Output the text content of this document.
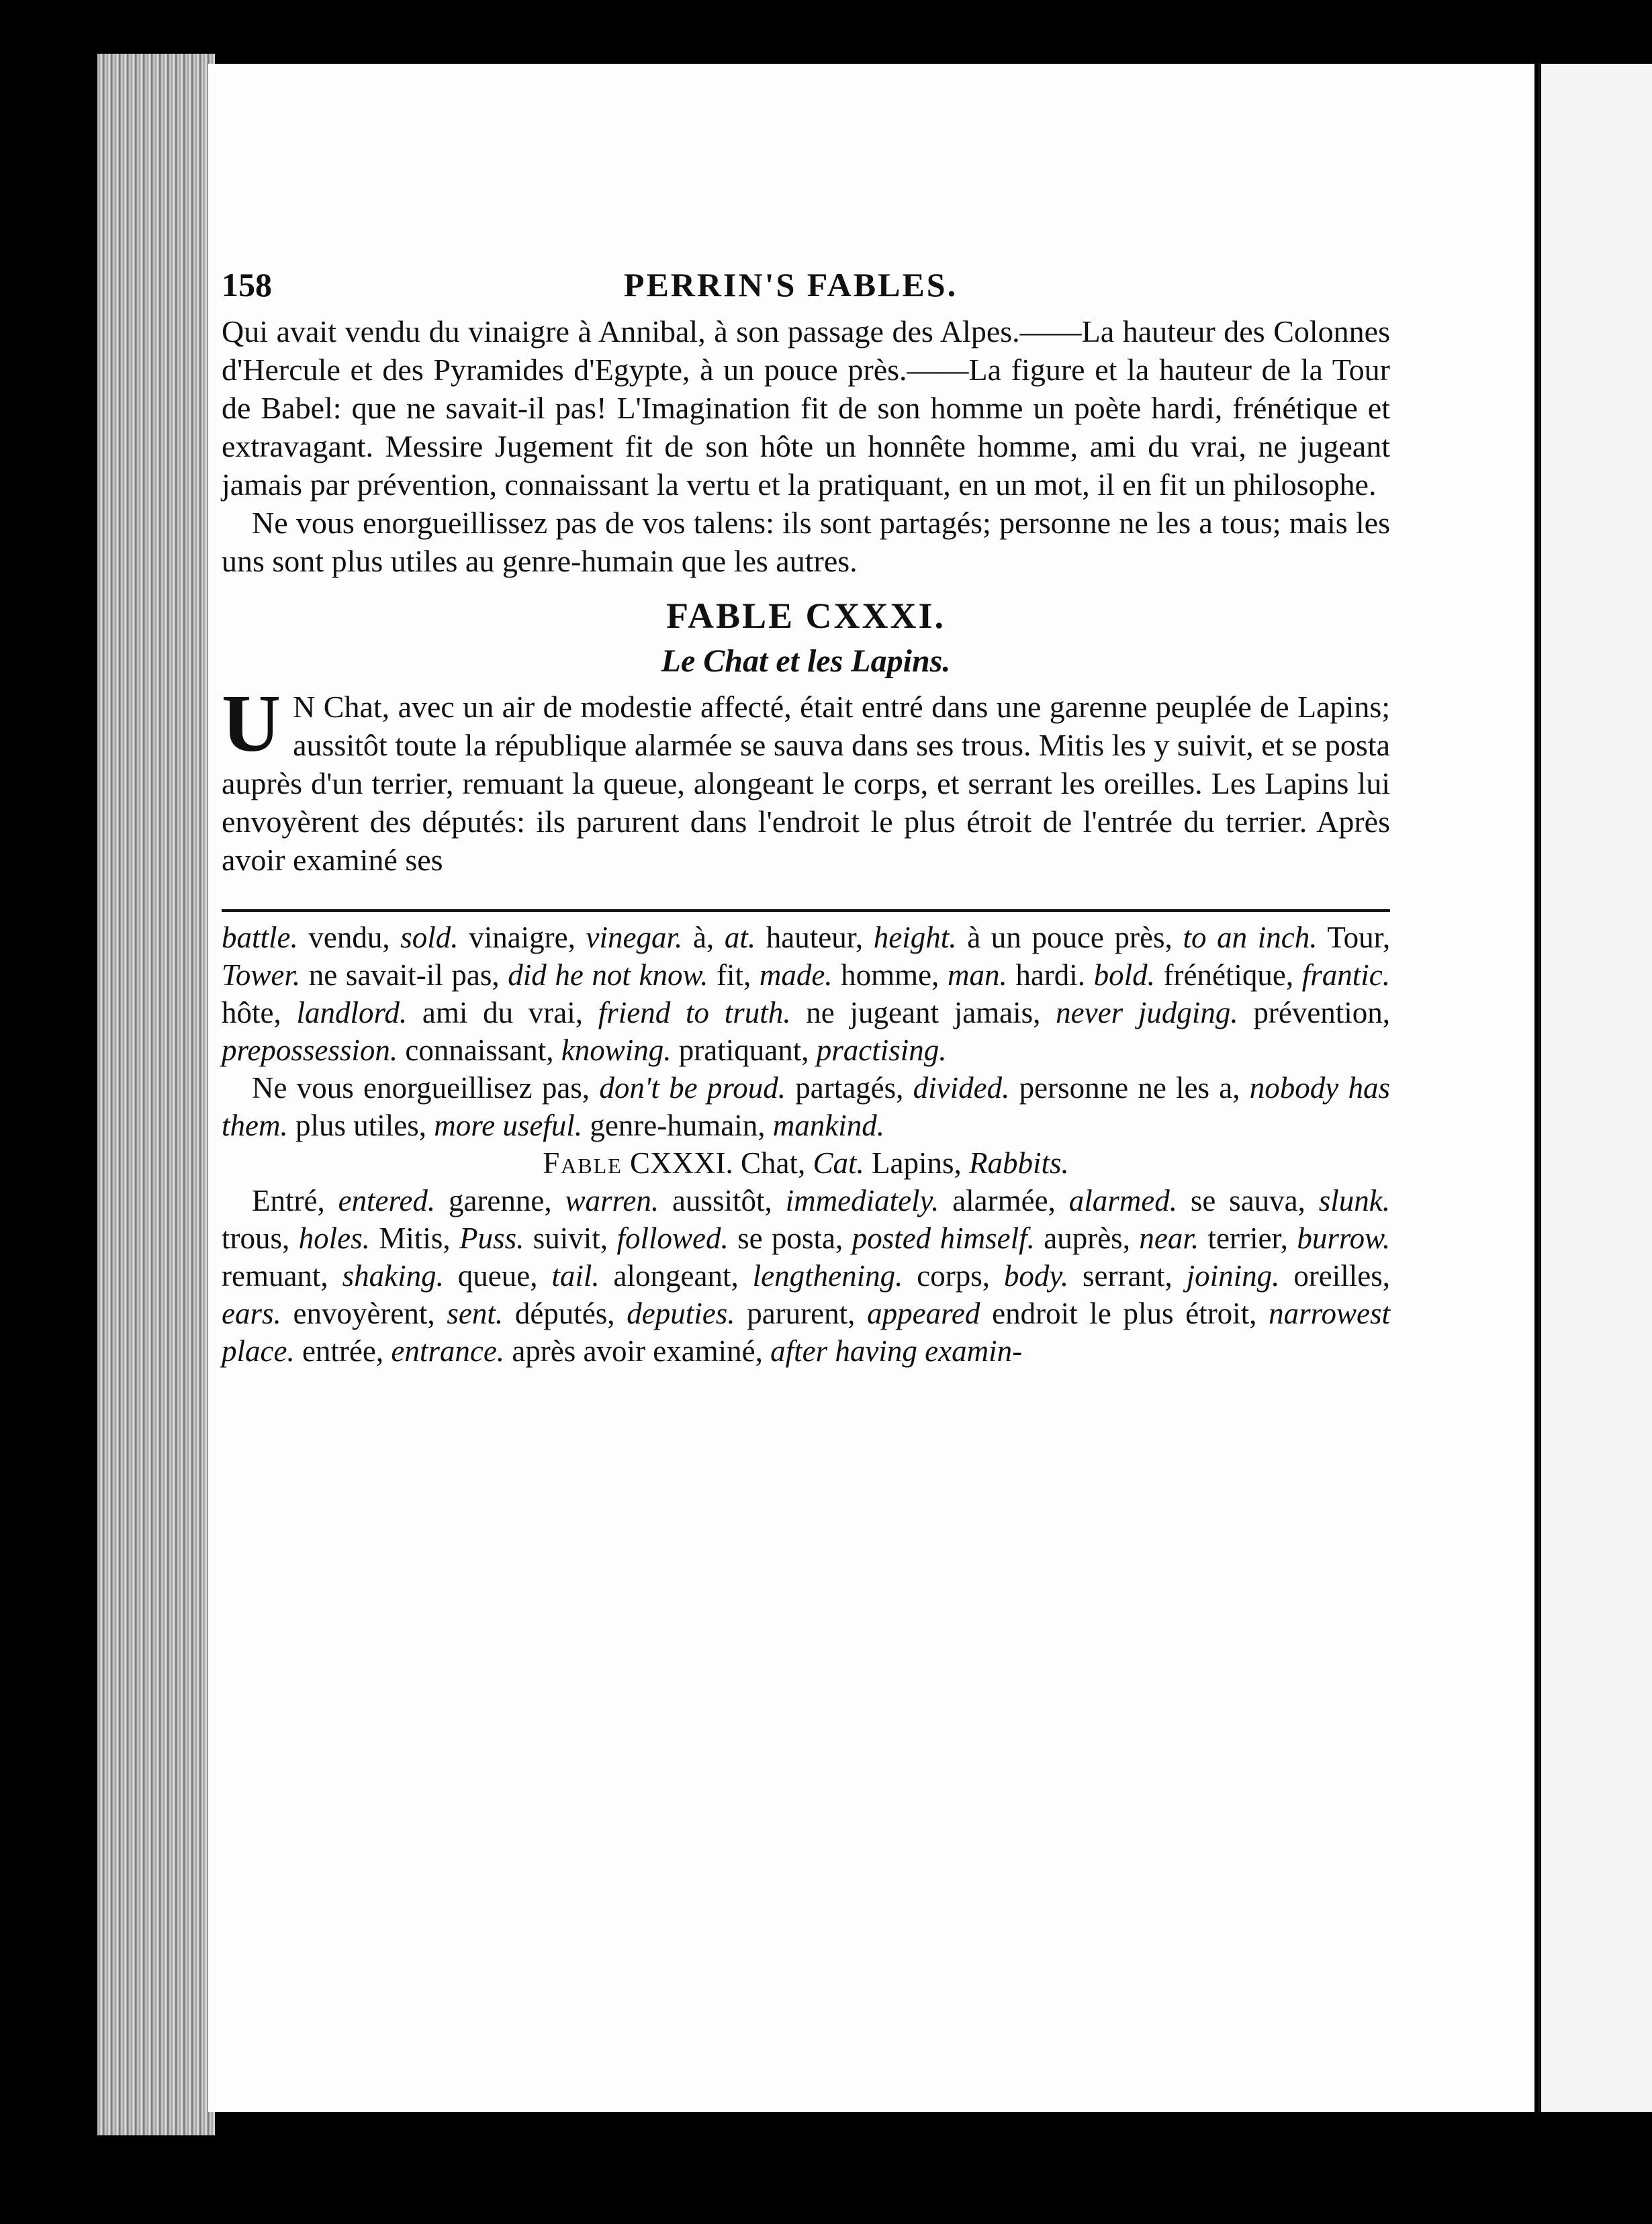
158	PERRIN'S FABLES.

Qui avait vendu du vinaigre à Annibal, à son passage des Alpes.——La hauteur des Colonnes d'Hercule et des Pyramides d'Egypte, à un pouce près.——La figure et la hauteur de la Tour de Babel: que ne savait-il pas! L'Imagination fit de son homme un poète hardi, frénétique et extravagant. Messire Jugement fit de son hôte un honnête homme, ami du vrai, ne jugeant jamais par prévention, connaissant la vertu et la pratiquant, en un mot, il en fit un philosophe.

Ne vous enorgueillissez pas de vos talens: ils sont partagés; personne ne les a tous; mais les uns sont plus utiles au genre-humain que les autres.

FABLE CXXXI.
Le Chat et les Lapins.
U N Chat, avec un air de modestie affecté, était entré dans une garenne peuplée de Lapins; aussitôt toute la république alarmée se sauva dans ses trous. Mitis les y suivit, et se posta auprès d'un terrier, remuant la queue, alongeant le corps, et serrant les oreilles. Les Lapins lui envoyèrent des députés: ils parurent dans l'endroit le plus étroit de l'entrée du terrier. Après avoir examiné ses

battle. vendu, sold. vinaigre, vinegar. à, at. hauteur, height. à un pouce près, to an inch. Tour, Tower. ne savait-il pas, did he not know. fit, made. homme, man. hardi. bold. frénétique, frantic. hôte, landlord. ami du vrai, friend to truth. ne jugeant jamais, never judging. prévention, prepossession. connaissant, knowing. pratiquant, practising.

Ne vous enorgueillisez pas, don't be proud. partagés, divided. personne ne les a, nobody has them. plus utiles, more useful. genre-humain, mankind.

Fable CXXXI. Chat, Cat. Lapins, Rabbits.

Entré, entered. garenne, warren. aussitôt, immediately. alarmée, alarmed. se sauva, slunk. trous, holes. Mitis, Puss. suivit, followed. se posta, posted himself. auprès, near. terrier, burrow. remuant, shaking. queue, tail. alongeant, lengthening. corps, body. serrant, joining. oreilles, ears. envoyèrent, sent. députés, deputies. parurent, appeared endroit le plus étroit, narrowest place. entrée, entrance. après avoir examiné, after having examin-
